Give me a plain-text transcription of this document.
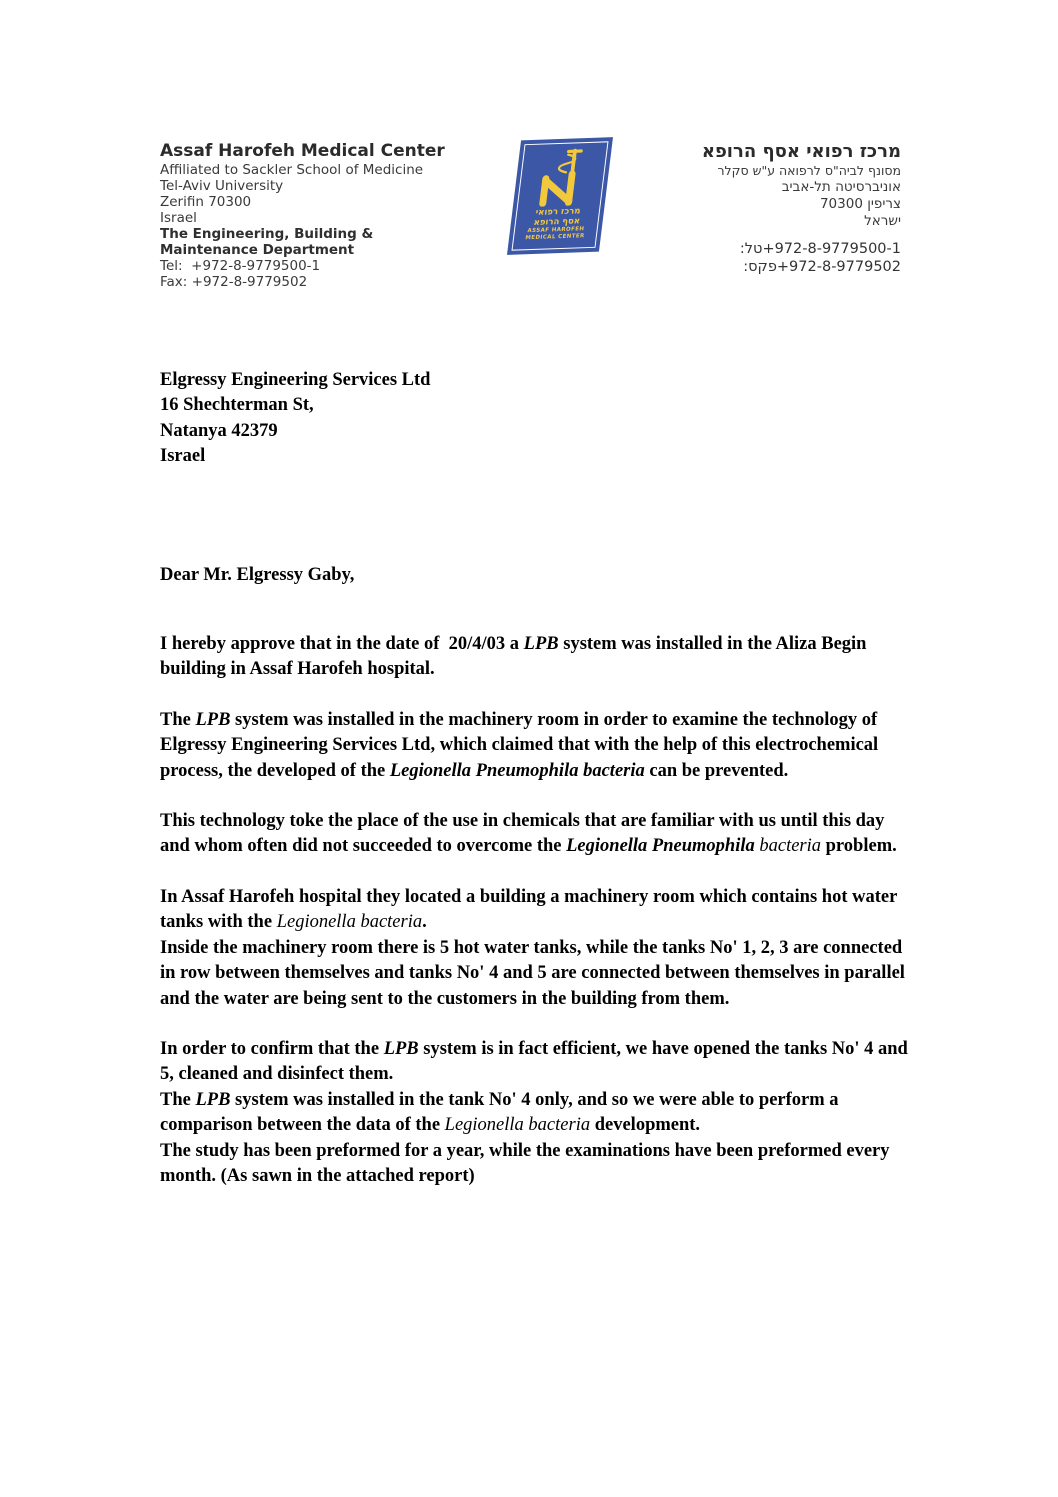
Assaf Harofeh Medical Center
Affiliated to Sackler School of Medicine
Tel-Aviv University
Zerifin 70300
Israel
The Engineering, Building &
Maintenance Department
Tel:  +972-8-9779500-1
Fax: +972-8-9779502
מרכז רפואי
אסף הרופא
ASSAF HAROFEH
MEDICAL CENTER
מרכז רפואי אסף הרופא
מסונף לביה"ס לרפואה ע"ש סקלר
אוניברסיטה תל-אביב
צריפין 70300
ישראל
טל:+972-8-9779500-1
פקס:+972-8-9779502
Elgressy Engineering Services Ltd
16 Shechterman St,
Natanya 42379
Israel
Dear Mr. Elgressy Gaby,

I hereby approve that in the date of  20/4/03 a LPB system was installed in the Aliza Begin building in Assaf Harofeh hospital.

The LPB system was installed in the machinery room in order to examine the technology of Elgressy Engineering Services Ltd, which claimed that with the help of this electrochemical process, the developed of the Legionella Pneumophila bacteria can be prevented.

This technology toke the place of the use in chemicals that are familiar with us until this day and whom often did not succeeded to overcome the Legionella Pneumophila bacteria problem.

In Assaf Harofeh hospital they located a building a machinery room which contains hot water tanks with the Legionella bacteria.
Inside the machinery room there is 5 hot water tanks, while the tanks No' 1, 2, 3 are connected in row between themselves and tanks No' 4 and 5 are connected between themselves in parallel and the water are being sent to the customers in the building from them.

In order to confirm that the LPB system is in fact efficient, we have opened the tanks No' 4 and 5, cleaned and disinfect them.
The LPB system was installed in the tank No' 4 only, and so we were able to perform a comparison between the data of the Legionella bacteria development.
The study has been preformed for a year, while the examinations have been preformed every month. (As sawn in the attached report)
